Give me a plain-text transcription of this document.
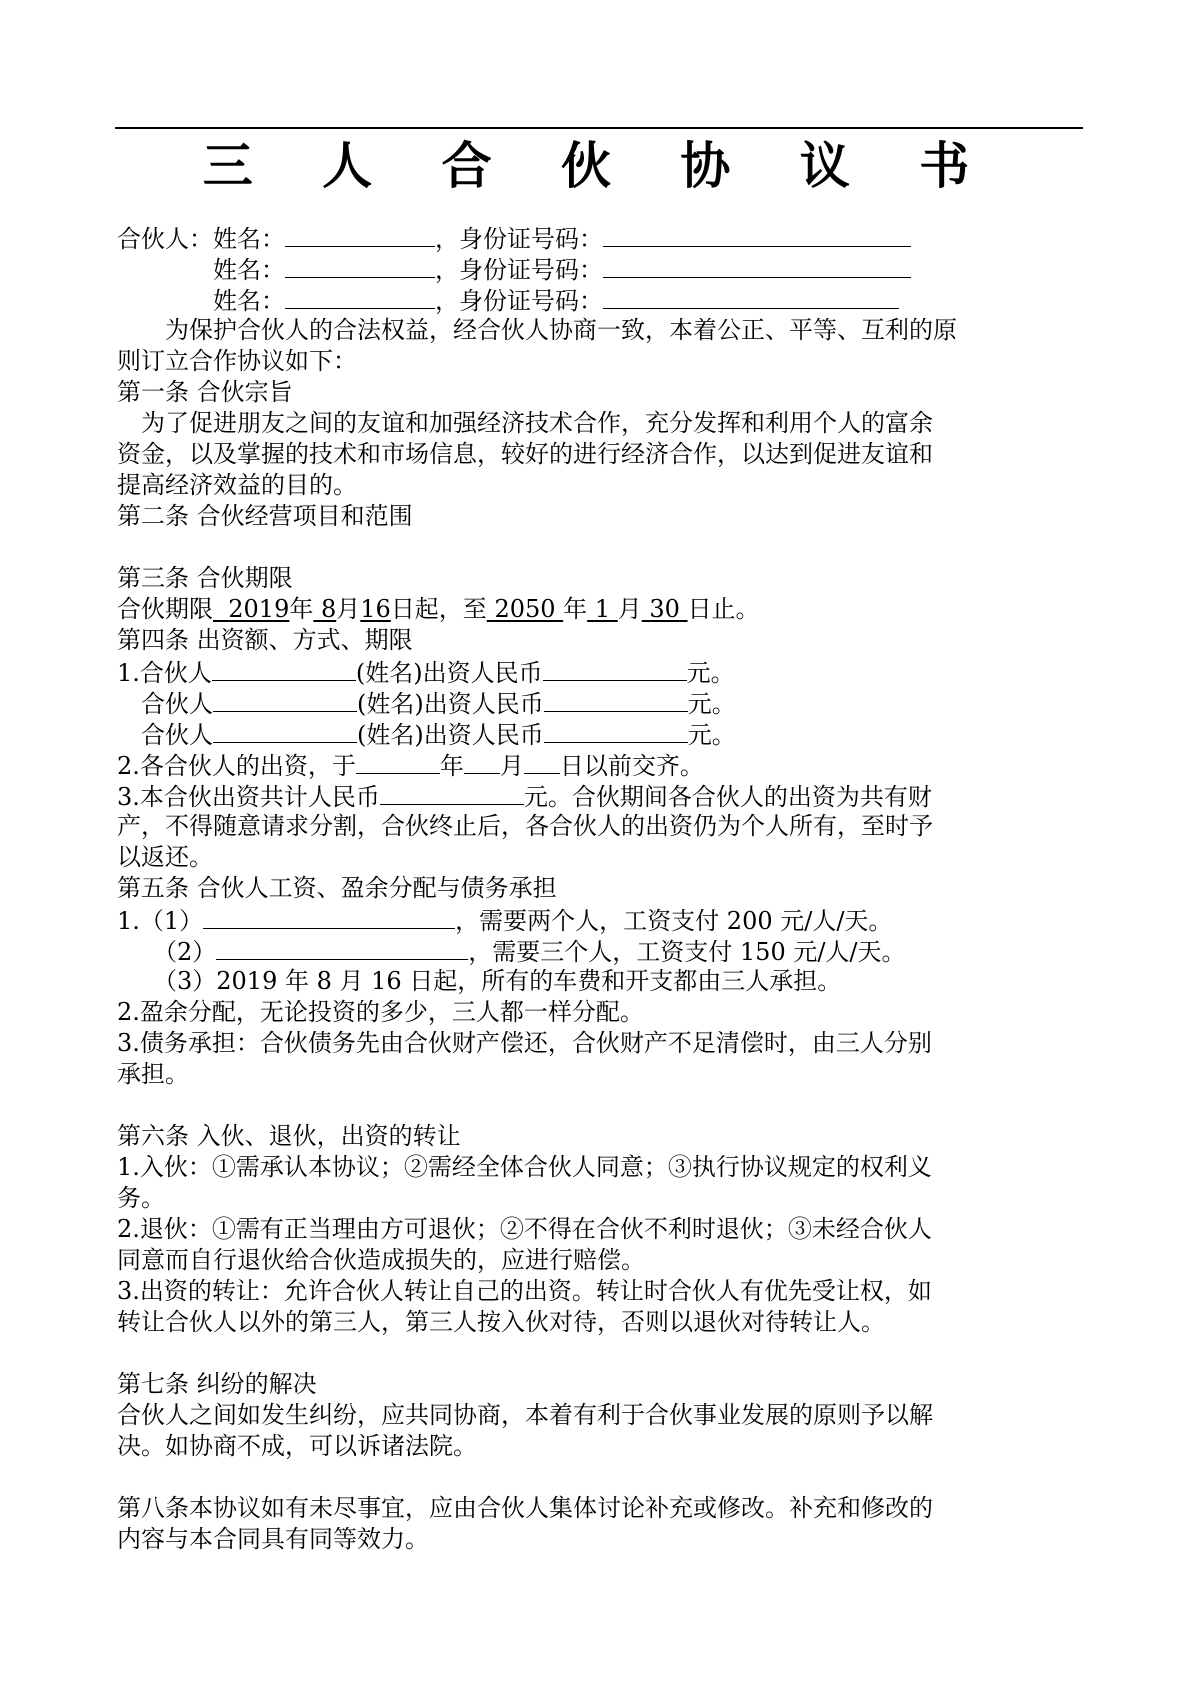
三 人 合 伙 协 议 书
合伙人：姓名：	，身份证号码：
姓名：	，身份证号码：
姓名：	，身份证号码：
为保护合伙人的合法权益，经合伙人协商一致，本着公正、平等、互利的原
则订立合作协议如下：
第一条 合伙宗旨
为了促进朋友之间的友谊和加强经济技术合作，充分发挥和利用个人的富余
资金，以及掌握的技术和市场信息，较好的进行经济合作，以达到促进友谊和
提高经济效益的目的。
第二条 合伙经营项目和范围
第三条 合伙期限
合伙期限 2019年 8月16日起，至 2050 年 1 月 30 日止。
第四条 出资额、方式、期限
1.合伙人	(姓名)出资人民币	元。
合伙人	(姓名)出资人民币	元。
合伙人	(姓名)出资人民币	元。
2.各合伙人的出资，于	年 月 日以前交齐。
3.本合伙出资共计人民币	元。合伙期间各合伙人的出资为共有财
产，不得随意请求分割，合伙终止后，各合伙人的出资仍为个人所有，至时予
以返还。
第五条 合伙人工资、盈余分配与债务承担
1.（1）	，需要两个人，工资支付 200 元/人/天。
（2）	，需要三个人，工资支付 150 元/人/天。
（3）2019 年 8 月 16 日起，所有的车费和开支都由三人承担。
2.盈余分配，无论投资的多少，三人都一样分配。
3.债务承担：合伙债务先由合伙财产偿还，合伙财产不足清偿时，由三人分别
承担。
第六条 入伙、退伙，出资的转让
1.入伙：①需承认本协议；②需经全体合伙人同意；③执行协议规定的权利义
务。
2.退伙：①需有正当理由方可退伙；②不得在合伙不利时退伙；③未经合伙人
同意而自行退伙给合伙造成损失的，应进行赔偿。
3.出资的转让：允许合伙人转让自己的出资。转让时合伙人有优先受让权，如
转让合伙人以外的第三人，第三人按入伙对待，否则以退伙对待转让人。
第七条 纠纷的解决
合伙人之间如发生纠纷，应共同协商，本着有利于合伙事业发展的原则予以解
决。如协商不成，可以诉诸法院。
第八条本协议如有未尽事宜，应由合伙人集体讨论补充或修改。补充和修改的
内容与本合同具有同等效力。
